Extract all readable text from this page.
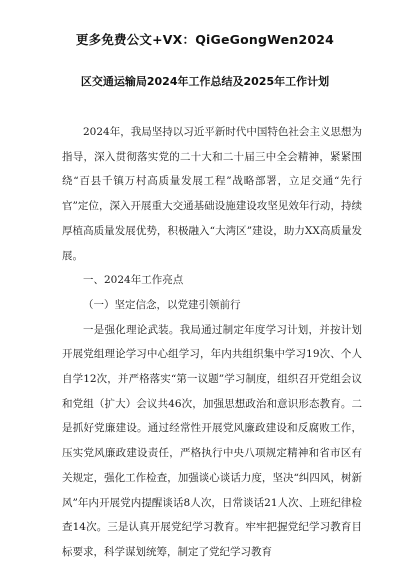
更多免费公文+VX：QiGeGongWen2024
区交通运输局2024年工作总结及2025年工作计划

2024年，我局坚持以习近平新时代中国特色社会主义思想为指导，深入贯彻落实党的二十大和二十届三中全会精神，紧紧围绕“百县千镇万村高质量发展工程”战略部署，立足交通“先行官”定位，深入开展重大交通基础设施建设攻坚见效年行动，持续厚植高质量发展优势，积极融入“大湾区”建设，助力XX高质量发展。

一、2024年工作亮点

（一）坚定信念，以党建引领前行

一是强化理论武装。我局通过制定年度学习计划，并按计划开展党组理论学习中心组学习，年内共组织集中学习19次、个人自学12次，并严格落实“第一议题”学习制度，组织召开党组会议和党组（扩大）会议共46次，加强思想政治和意识形态教育。二是抓好党廉建设。通过经常性开展党风廉政建设和反腐败工作，压实党风廉政建设责任，严格执行中央八项规定精神和省市区有关规定，强化工作检查，加强谈心谈话力度，坚决“纠四风，树新风”年内开展党内提醒谈话8人次，日常谈话21人次、上班纪律检查14次。三是认真开展党纪学习教育。牢牢把握党纪学习教育目标要求，科学谋划统筹，制定了党纪学习教育
